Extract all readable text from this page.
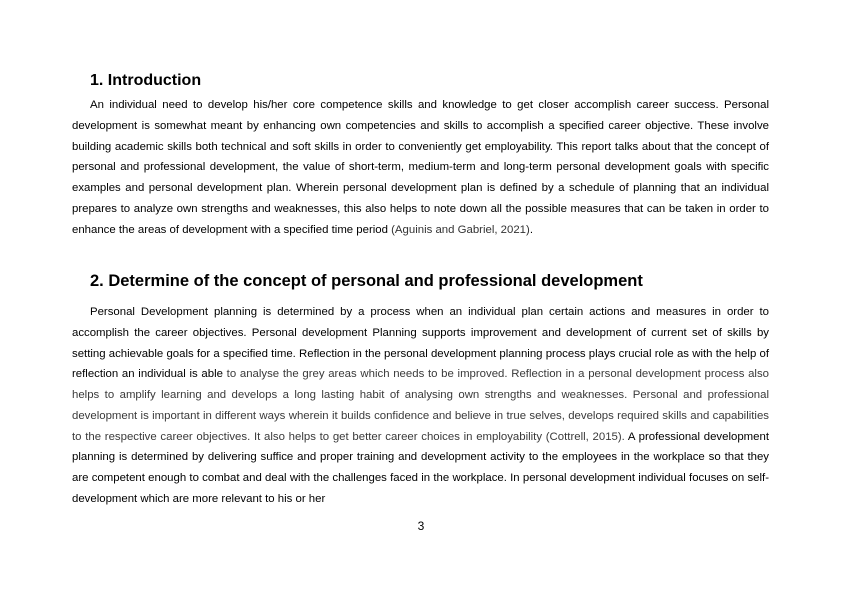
1. Introduction

An individual need to develop his/her core competence skills and knowledge to get closer accomplish career success. Personal development is somewhat meant by enhancing own competencies and skills to accomplish a specified career objective. These involve building academic skills both technical and soft skills in order to conveniently get employability. This report talks about that the concept of personal and professional development, the value of short-term, medium-term and long-term personal development goals with specific examples and personal development plan. Wherein personal development plan is defined by a schedule of planning that an individual prepares to analyze own strengths and weaknesses, this also helps to note down all the possible measures that can be taken in order to enhance the areas of development with a specified time period (Aguinis and Gabriel, 2021).

2. Determine of the concept of personal and professional development

Personal Development planning is determined by a process when an individual plan certain actions and measures in order to accomplish the career objectives. Personal development Planning supports improvement and development of current set of skills by setting achievable goals for a specified time. Reflection in the personal development planning process plays crucial role as with the help of reflection an individual is able to analyse the grey areas which needs to be improved. Reflection in a personal development process also helps to amplify learning and develops a long lasting habit of analysing own strengths and weaknesses. Personal and professional development is important in different ways wherein it builds confidence and believe in true selves, develops required skills and capabilities to the respective career objectives. It also helps to get better career choices in employability (Cottrell, 2015). A professional development planning is determined by delivering suffice and proper training and development activity to the employees in the workplace so that they are competent enough to combat and deal with the challenges faced in the workplace. In personal development individual focuses on self-development which are more relevant to his or her

3
